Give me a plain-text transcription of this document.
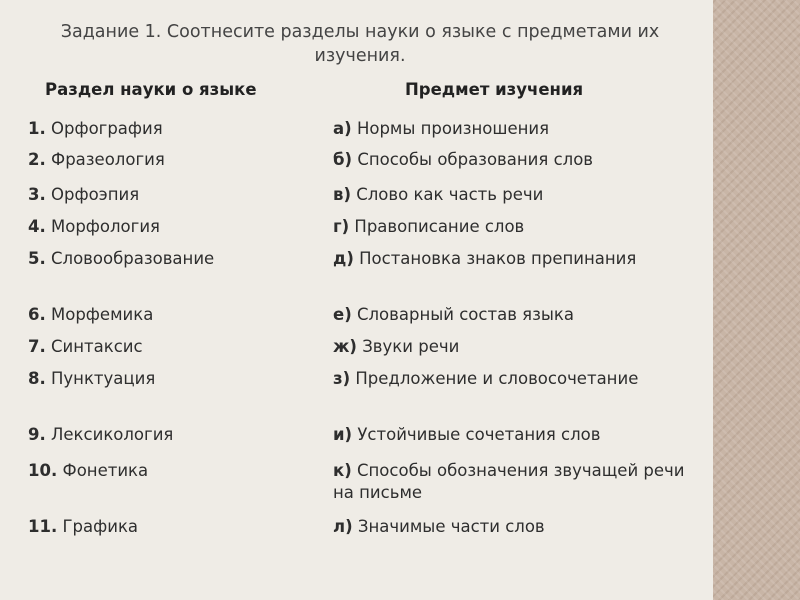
Задание 1. Соотнесите разделы науки о языке с предметами их изучения.
Раздел науки о языке	Предмет изучения
1. Орфография	а) Нормы произношения
2. Фразеология	б) Способы образования слов
3. Орфоэпия	в) Слово как часть речи
4. Морфология	г) Правописание слов
5. Словообразование	д) Постановка знаков препинания
6. Морфемика	е) Словарный состав языка
7. Синтаксис	ж) Звуки речи
8. Пунктуация	з) Предложение и словосочетание
9. Лексикология	и) Устойчивые сочетания слов
10. Фонетика	к) Способы обозначения звучащей речи на письме
11. Графика	л) Значимые части слов
